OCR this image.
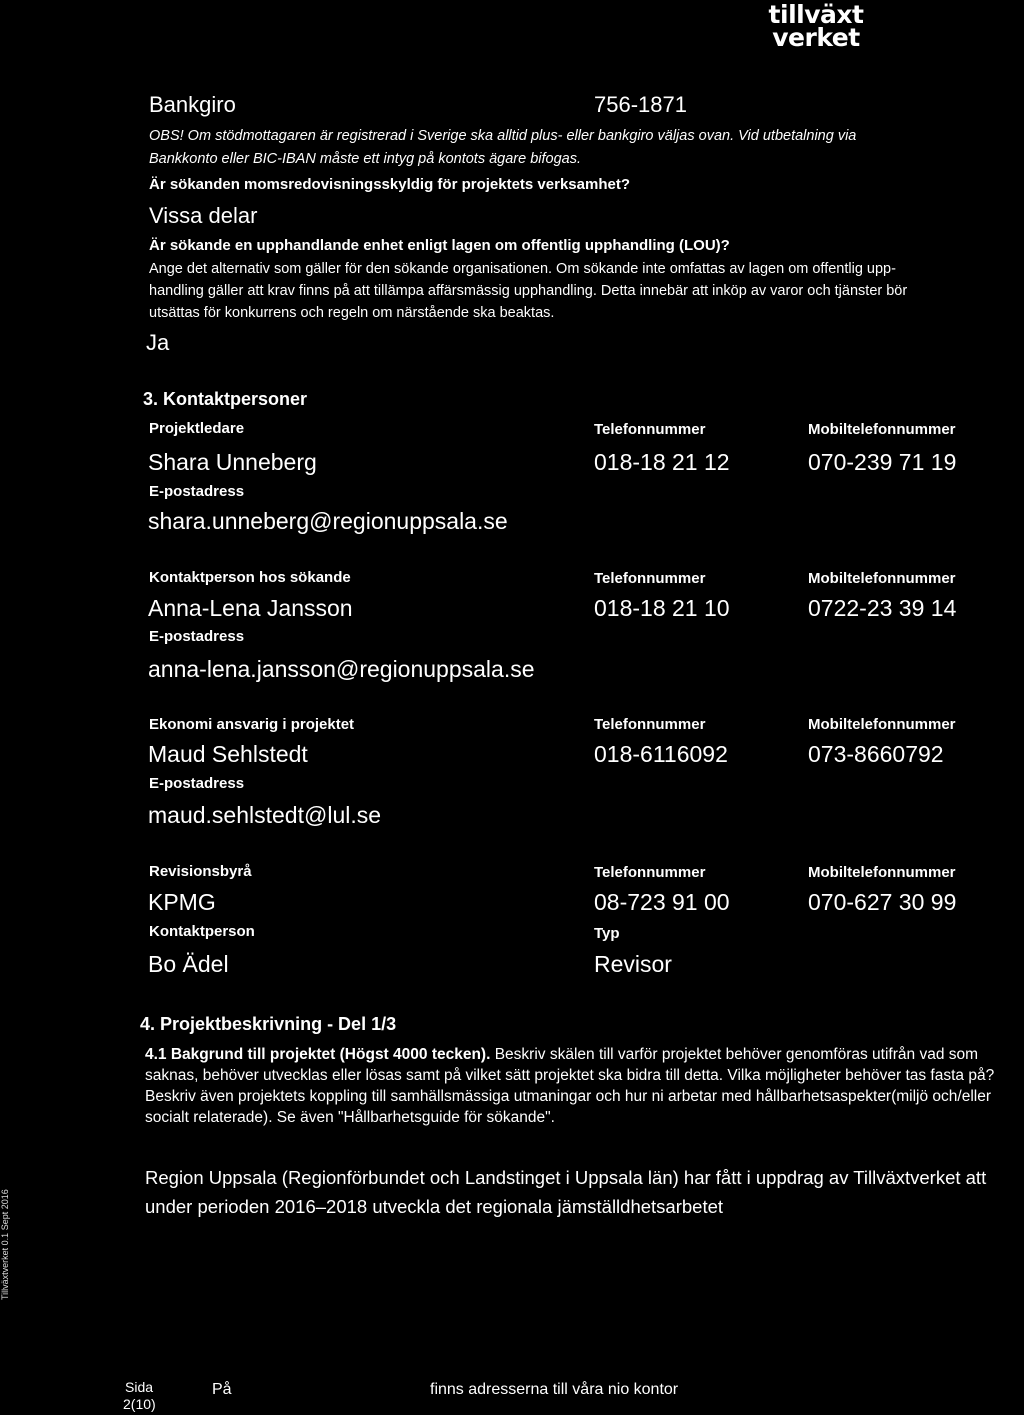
tillväxt
verket
Bankgiro	756-1871
OBS! Om stödmottagaren är registrerad i Sverige ska alltid plus- eller bankgiro väljas ovan. Vid utbetalning via
Bankkonto eller BIC-IBAN måste ett intyg på kontots ägare bifogas.
Är sökanden momsredovisningsskyldig för projektets verksamhet?
Vissa delar
Är sökande en upphandlande enhet enligt lagen om offentlig upphandling (LOU)?
Ange det alternativ som gäller för den sökande organisationen. Om sökande inte omfattas av lagen om offentlig upp-
handling gäller att krav finns på att tillämpa affärsmässig upphandling. Detta innebär att inköp av varor och tjänster bör
utsättas för konkurrens och regeln om närstående ska beaktas.
Ja
3. Kontaktpersoner
Projektledare	Telefonnummer	Mobiltelefonnummer
Shara Unneberg	018-18 21 12	070-239 71 19
E-postadress
shara.unneberg@regionuppsala.se
Kontaktperson hos sökande	Telefonnummer	Mobiltelefonnummer
Anna-Lena Jansson	018-18 21 10	0722-23 39 14
E-postadress
anna-lena.jansson@regionuppsala.se
Ekonomi ansvarig i projektet	Telefonnummer	Mobiltelefonnummer
Maud Sehlstedt	018-6116092	073-8660792
E-postadress
maud.sehlstedt@lul.se
Revisionsbyrå	Telefonnummer	Mobiltelefonnummer
KPMG	08-723 91 00	070-627 30 99
Kontaktperson	Typ
Bo Ädel	Revisor
4. Projektbeskrivning - Del 1/3
4.1 Bakgrund till projektet (Högst 4000 tecken). Beskriv skälen till varför projektet behöver genomföras utifrån vad som saknas, behöver utvecklas eller lösas samt på vilket sätt projektet ska bidra till detta. Vilka möjligheter behöver tas fasta på? Beskriv även projektets koppling till samhällsmässiga utmaningar och hur ni arbetar med hållbarhetsaspekter(miljö och/eller socialt relaterade). Se även "Hållbarhetsguide för sökande".
Region Uppsala (Regionförbundet och Landstinget i Uppsala län) har fått i uppdrag av Tillväxtverket att under perioden 2016–2018 utveckla det regionala jämställdhetsarbetet
Tillväxtverket 0.1 Sept 2016
Sida
2(10)
På	finns adresserna till våra nio kontor
